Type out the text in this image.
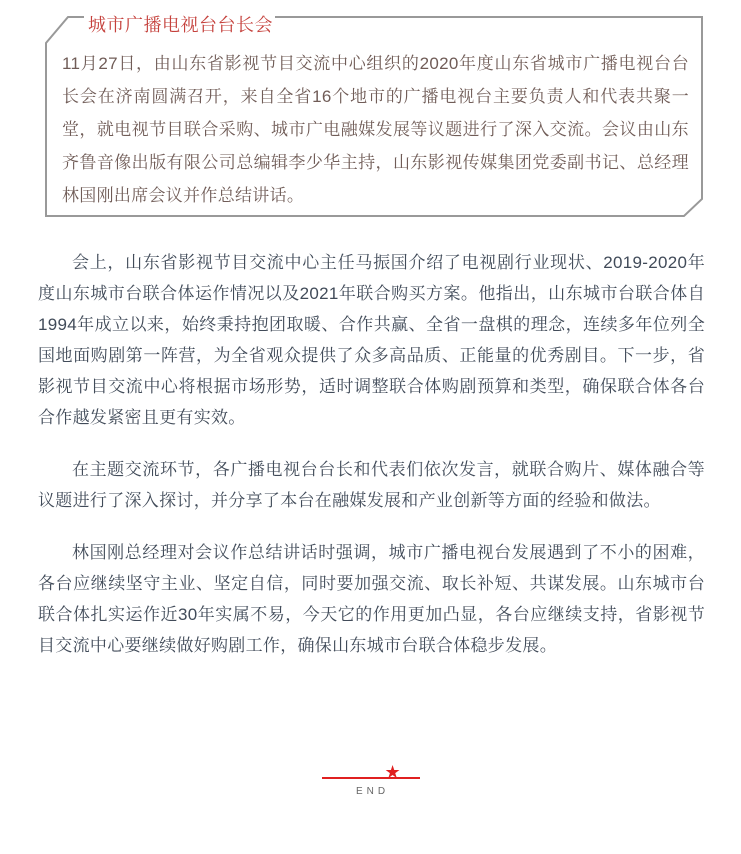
城市广播电视台台长会
11月27日，由山东省影视节目交流中心组织的2020年度山东省城市广播电视台台长会在济南圆满召开，来自全省16个地市的广播电视台主要负责人和代表共聚一堂，就电视节目联合采购、城市广电融媒发展等议题进行了深入交流。会议由山东齐鲁音像出版有限公司总编辑李少华主持，山东影视传媒集团党委副书记、总经理林国刚出席会议并作总结讲话。

会上，山东省影视节目交流中心主任马振国介绍了电视剧行业现状、2019-2020年度山东城市台联合体运作情况以及2021年联合购买方案。他指出，山东城市台联合体自1994年成立以来，始终秉持抱团取暖、合作共赢、全省一盘棋的理念，连续多年位列全国地面购剧第一阵营，为全省观众提供了众多高品质、正能量的优秀剧目。下一步，省影视节目交流中心将根据市场形势，适时调整联合体购剧预算和类型，确保联合体各台合作越发紧密且更有实效。

在主题交流环节，各广播电视台台长和代表们依次发言，就联合购片、媒体融合等议题进行了深入探讨，并分享了本台在融媒发展和产业创新等方面的经验和做法。

林国刚总经理对会议作总结讲话时强调，城市广播电视台发展遇到了不小的困难，各台应继续坚守主业、坚定自信，同时要加强交流、取长补短、共谋发展。山东城市台联合体扎实运作近30年实属不易，今天它的作用更加凸显，各台应继续支持，省影视节目交流中心要继续做好购剧工作，确保山东城市台联合体稳步发展。

★
END
